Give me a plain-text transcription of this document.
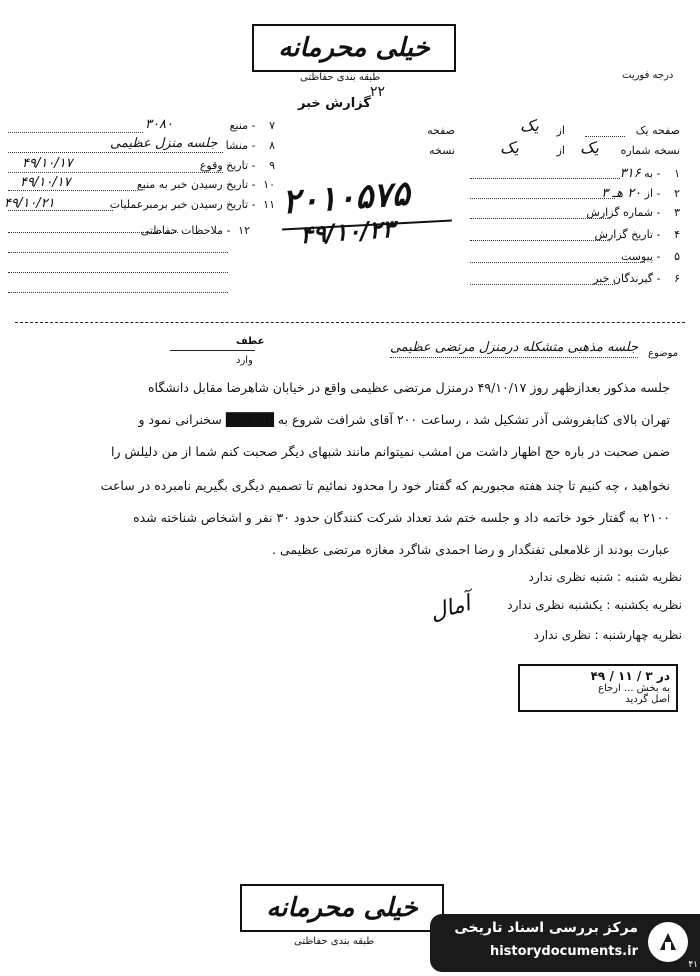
خیلی محرمانه
طبقه بندی حفاظتی	درجه فوریت
۲۲
گزارش خبر
۷ - منبع
۳۰۸۰
۸ - منشا
جلسه منزل عظیمی
۹ - تاریخ وقوع
۴۹/۱۰/۱۷
۱۰ - تاریخ رسیدن خبر به منبع
۴۹/۱۰/۱۷
۱۱ - تاریخ رسیدن خبر برمبرعملیات
۴۹/۱۰/۲۱
۱۲ - ملاحظات حفاظتی
صفحه یک
از
یک
صفحه
نسخه شماره
یک
از
یک
نسخه
۱ - به ۳۱۶
۲ - از ۲۰ هـ ۳
۳ - شماره گزارش
۴ - تاریخ گزارش
۵ - پیوست
۶ - گیرندگان خبر
۲۰۱۰۵۷۵
۴۹/۱۰/۲۳
عطف
وارد
موضوع
جلسه مذهبی متشکله درمنزل مرتضی عظیمی
جلسه مذکور بعدازظهر روز ۴۹/۱۰/۱۷ درمنزل مرتضی عظیمی واقع در خیابان شاهرضا مقابل دانشگاه
تهران بالای کتابفروشی آذر تشکیل شد ، رساعت ۲۰۰ آقای شرافت شروع به █████ سخنرانی نمود و
ضمن صحبت در باره حج اظهار داشت من امشب نمیتوانم مانند شبهای دیگر صحبت کنم شما از من دلیلش را
نخواهید ، چه کنیم تا چند هفته مجبوریم که گفتار خود را محدود نمائیم تا تصمیم دیگری بگیریم نامبرده در ساعت
۲۱۰۰ به گفتار خود خاتمه داد و جلسه ختم شد تعداد شرکت کنندگان حدود ۳۰ نفر و اشخاص شناخته شده
عبارت بودند از غلامعلی تفنگدار و رضا احمدی شاگرد مغازه مرتضی عظیمی .
نظریه شنبه : شنبه نظری ندارد
نظریه یکشنبه : یکشنبه نظری ندارد
نظریه چهارشنبه : نظری ندارد
آمال
در ۳ / ۱۱ / ۴۹
به بخش ... ارجاع
اصل گردید
خیلی محرمانه
طبقه بندی حفاظتی
مرکز بررسی اسناد تاریخی
historydocuments.ir
۴۱
